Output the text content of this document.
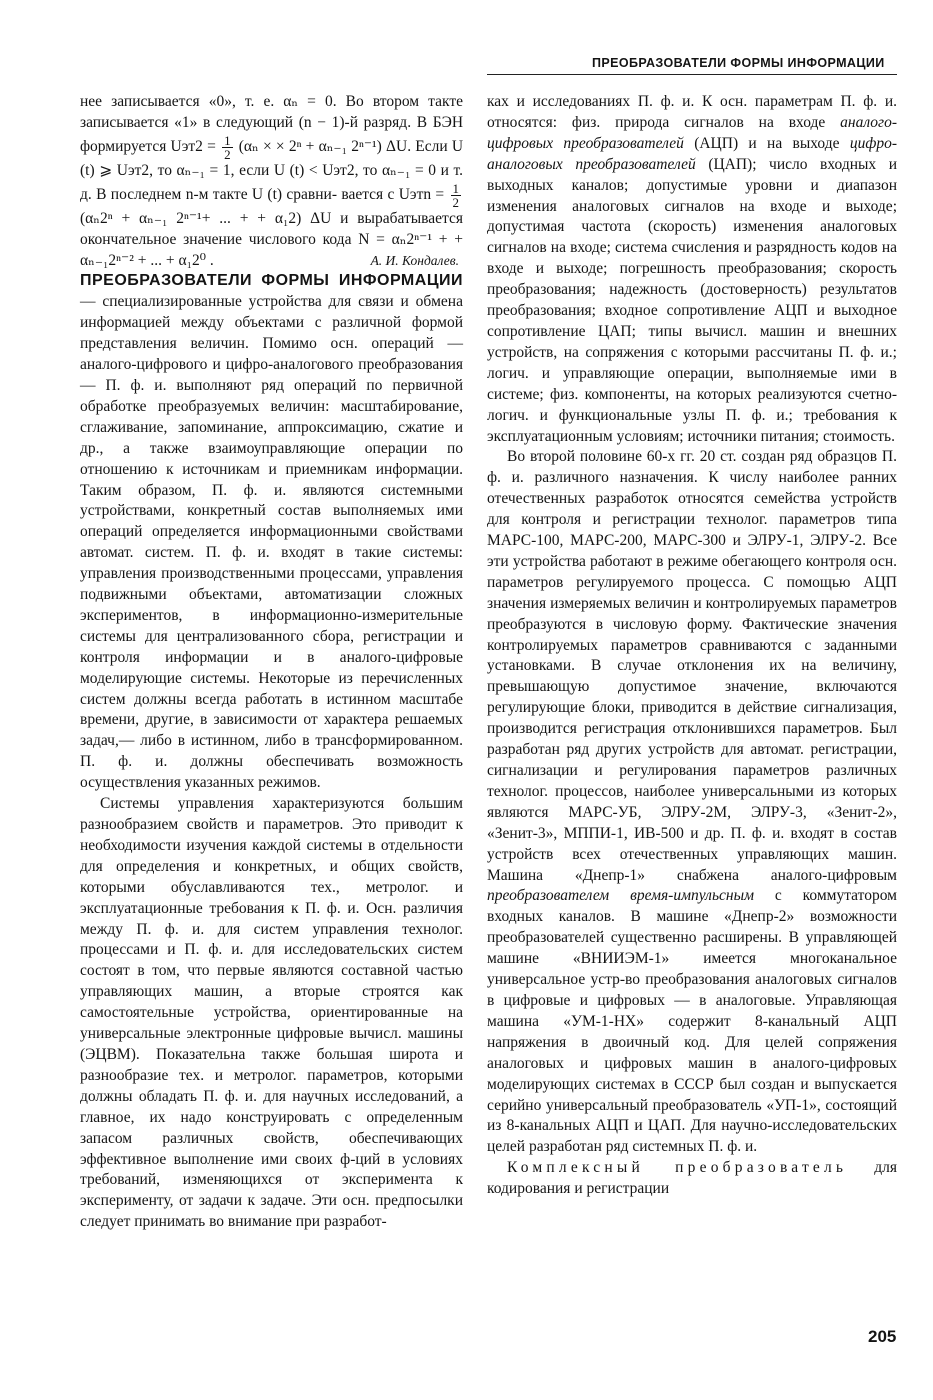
ПРЕОБРАЗОВАТЕЛИ ФОРМЫ ИНФОРМАЦИИ

нее записывается «0», т. е. αₙ = 0. Во втором такте записывается «1» в следующий (n − 1)-й разряд. В БЭН формируется $Uэт2 = \frac{1}{2} (\alpha_n$ × × 2ⁿ + αₙ₋₁ 2ⁿ⁻¹) ΔU. Если U (t) ⩾ Uэт2, то αₙ₋₁ = 1, если U (t) < Uэт2, то αₙ₋₁ = 0 и т. д. В последнем n-м такте U (t) сравни- вается с Uэтn = $\frac{1}{2}$
(αₙ2ⁿ + αₙ₋₁ 2ⁿ⁻¹+ ... + + α₁2) ΔU и вырабатывается окончательное значение числового кода N = αₙ2ⁿ⁻¹ + + αₙ₋₁2ⁿ⁻² + ... + α₁2⁰ .	А. И. Кондалев.

ПРЕОБРАЗОВАТЕЛИ ФОРМЫ ИНФОРМАЦИИ — специализированные устройства для связи и обмена информацией между объектами с различной формой представления величин. Помимо осн. операций — аналого-цифрового и цифро-аналогового преобразования — П. ф. и. выполняют ряд операций по первичной обработке преобразуемых величин: масштабирование, сглаживание, запоминание, аппроксимацию, сжатие и др., а также взаимоуправляющие операции по отношению к источникам и приемникам информации. Таким образом, П. ф. и. являются системными устройствами, конкретный состав выполняемых ими операций определяется информационными свойствами автомат. систем. П. ф. и. входят в такие системы: управления производственными процессами, управления подвижными объектами, автоматизации сложных экспериментов, в информационно-измерительные системы для централизованного сбора, регистрации и контроля информации и в аналого-цифровые моделирующие системы. Некоторые из перечисленных систем должны всегда работать в истинном масштабе времени, другие, в зависимости от характера решаемых задач,— либо в истинном, либо в трансформированном. П. ф. и. должны обеспечивать возможность осуществления указанных режимов.

Системы управления характеризуются большим разнообразием свойств и параметров. Это приводит к необходимости изучения каждой системы в отдельности для определения и конкретных, и общих свойств, которыми обуславливаются тех., метролог. и эксплуатационные требования к П. ф. и. Осн. различия между П. ф. и. для систем управления технолог. процессами и П. ф. и. для исследовательских систем состоят в том, что первые являются составной частью управляющих машин, а вторые строятся как самостоятельные устройства, ориентированные на универсальные электронные цифровые вычисл. машины (ЭЦВМ). Показательна также большая широта и разнообразие тех. и метролог. параметров, которыми должны обладать П. ф. и. для научных исследований, а главное, их надо конструировать с определенным запасом различных свойств, обеспечивающих эффективное выполнение ими своих ф-ций в условиях требований, изменяющихся от эксперимента к эксперименту, от задачи к задаче. Эти осн. предпосылки следует принимать во внимание при разработ-

ках и исследованиях П. ф. и. К осн. параметрам П. ф. и. относятся: физ. природа сигналов на входе аналого-цифровых преобразователей (АЦП) и на выходе цифро-аналоговых преобразователей (ЦАП); число входных и выходных каналов; допустимые уровни и диапазон изменения аналоговых сигналов на входе и выходе; допустимая частота (скорость) изменения аналоговых сигналов на входе; система счисления и разрядность кодов на входе и выходе; погрешность преобразования; скорость преобразования; надежность (достоверность) результатов преобразования; входное сопротивление АЦП и выходное сопротивление ЦАП; типы вычисл. машин и внешних устройств, на сопряжения с которыми рассчитаны П. ф. и.; логич. и управляющие операции, выполняемые ими в системе; физ. компоненты, на которых реализуются счетно-логич. и функциональные узлы П. ф. и.; требования к эксплуатационным условиям; источники питания; стоимость.

Во второй половине 60-х гг. 20 ст. создан ряд образцов П. ф. и. различного назначения. К числу наиболее ранних отечественных разработок относятся семейства устройств для контроля и регистрации технолог. параметров типа МАРС-100, МАРС-200, МАРС-300 и ЭЛРУ-1, ЭЛРУ-2. Все эти устройства работают в режиме обегающего контроля осн. параметров регулируемого процесса. С помощью АЦП значения измеряемых величин и контролируемых параметров преобразуются в числовую форму. Фактические значения контролируемых параметров сравниваются с заданными установками. В случае отклонения их на величину, превышающую допустимое значение, включаются регулирующие блоки, приводится в действие сигнализация, производится регистрация отклонившихся параметров. Был разработан ряд других устройств для автомат. регистрации, сигнализации и регулирования параметров различных технолог. процессов, наиболее универсальными из которых являются МАРС-УБ, ЭЛРУ-2М, ЭЛРУ-3, «Зенит-2», «Зенит-3», МППИ-1, ИВ-500 и др. П. ф. и. входят в состав устройств всех отечественных управляющих машин. Машина «Днепр-1» снабжена аналого-цифровым преобразователем время-импульсным с коммутатором входных каналов. В машине «Днепр-2» возможности преобразователей существенно расширены. В управляющей машине «ВНИИЭМ-1» имеется многоканальное универсальное устр-во преобразования аналоговых сигналов в цифровые и цифровых — в аналоговые. Управляющая машина «УМ-1-НХ» содержит 8-канальный АЦП напряжения в двоичный код. Для целей сопряжения аналоговых и цифровых машин в аналого-цифровых моделирующих системах в СССР был создан и выпускается серийно универсальный преобразователь «УП-1», состоящий из 8-канальных АЦП и ЦАП. Для научно-исследовательских целей разработан ряд системных П. ф. и.

Комплексный преобразователь для кодирования и регистрации

205
